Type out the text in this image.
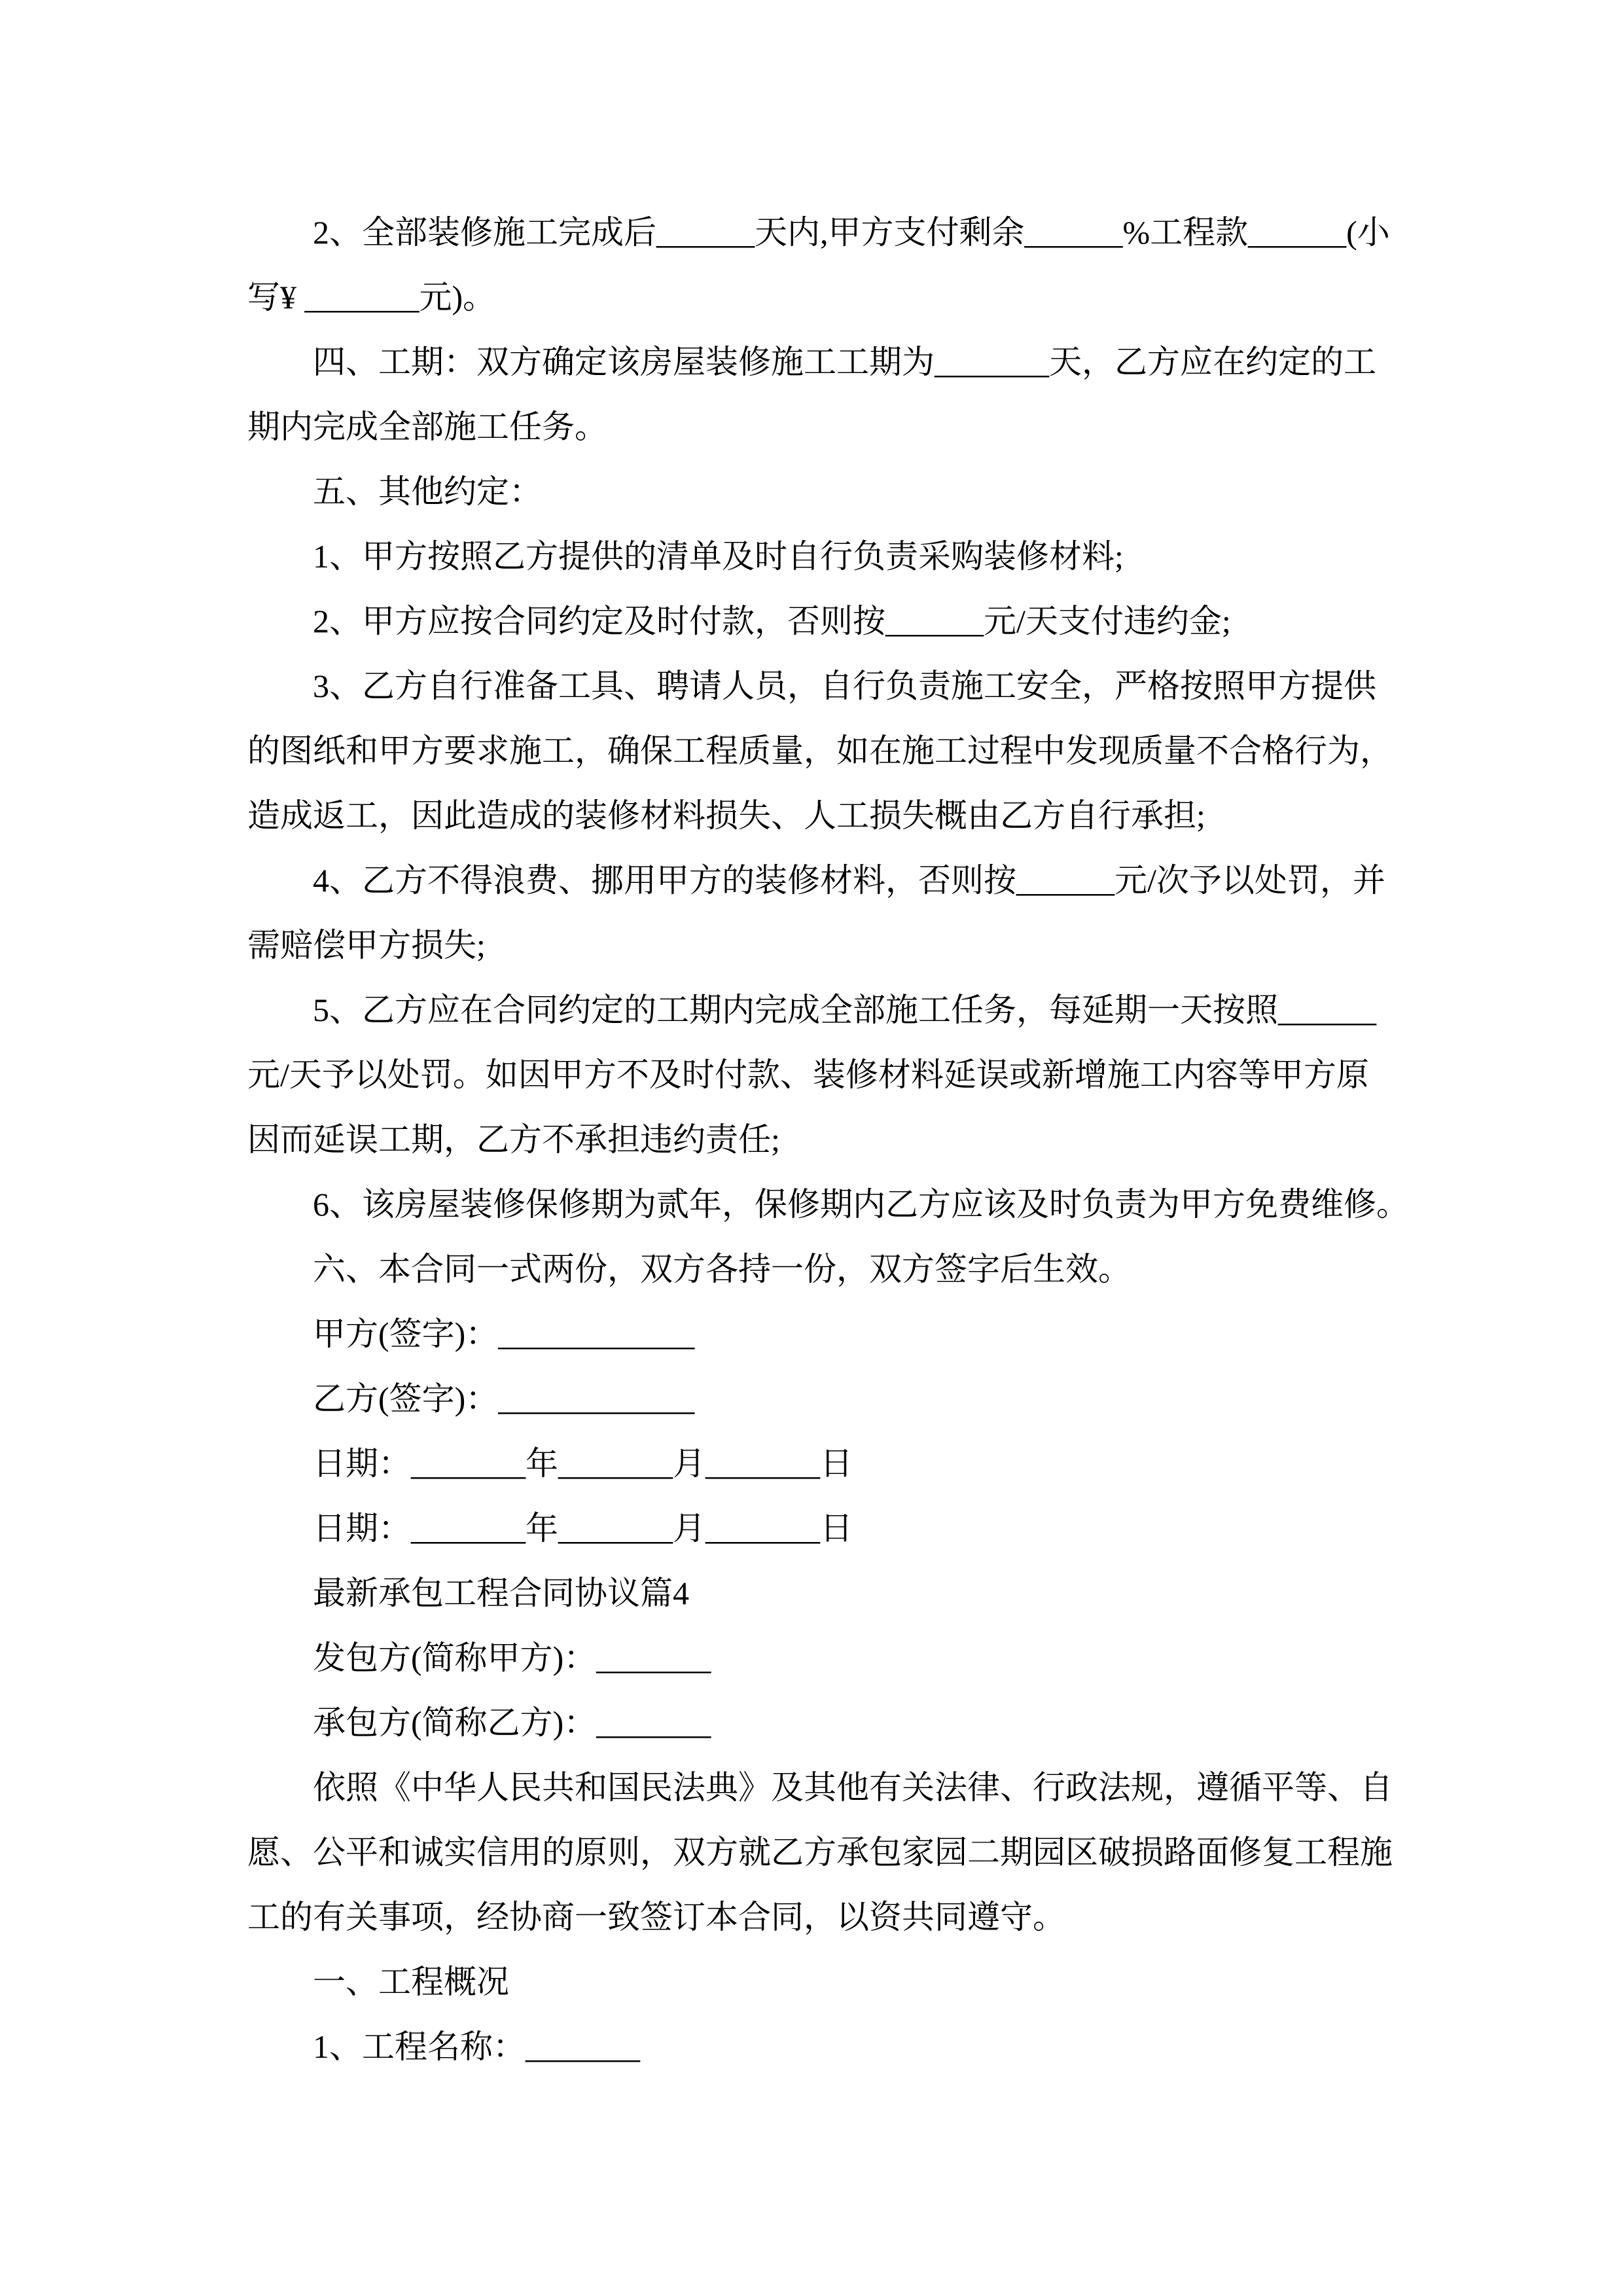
　　2、全部装修施工完成后______天内,甲方支付剩余______%工程款______(小
写¥ _______元)。
　　四、工期：双方确定该房屋装修施工工期为_______天，乙方应在约定的工
期内完成全部施工任务。
　　五、其他约定：
　　1、甲方按照乙方提供的清单及时自行负责采购装修材料;
　　2、甲方应按合同约定及时付款，否则按______元/天支付违约金;
　　3、乙方自行准备工具、聘请人员，自行负责施工安全，严格按照甲方提供
的图纸和甲方要求施工，确保工程质量，如在施工过程中发现质量不合格行为，
造成返工，因此造成的装修材料损失、人工损失概由乙方自行承担;
　　4、乙方不得浪费、挪用甲方的装修材料，否则按______元/次予以处罚，并
需赔偿甲方损失;
　　5、乙方应在合同约定的工期内完成全部施工任务，每延期一天按照______
元/天予以处罚。如因甲方不及时付款、装修材料延误或新增施工内容等甲方原
因而延误工期，乙方不承担违约责任;
　　6、该房屋装修保修期为贰年，保修期内乙方应该及时负责为甲方免费维修。
　　六、本合同一式两份，双方各持一份，双方签字后生效。
　　甲方(签字)：____________
　　乙方(签字)：____________
　　日期：_______年_______月_______日
　　日期：_______年_______月_______日
　　最新承包工程合同协议篇4
　　发包方(简称甲方)：_______
　　承包方(简称乙方)：_______
　　依照《中华人民共和国民法典》及其他有关法律、行政法规，遵循平等、自
愿、公平和诚实信用的原则，双方就乙方承包家园二期园区破损路面修复工程施
工的有关事项，经协商一致签订本合同，以资共同遵守。
　　一、工程概况
　　1、工程名称：_______
